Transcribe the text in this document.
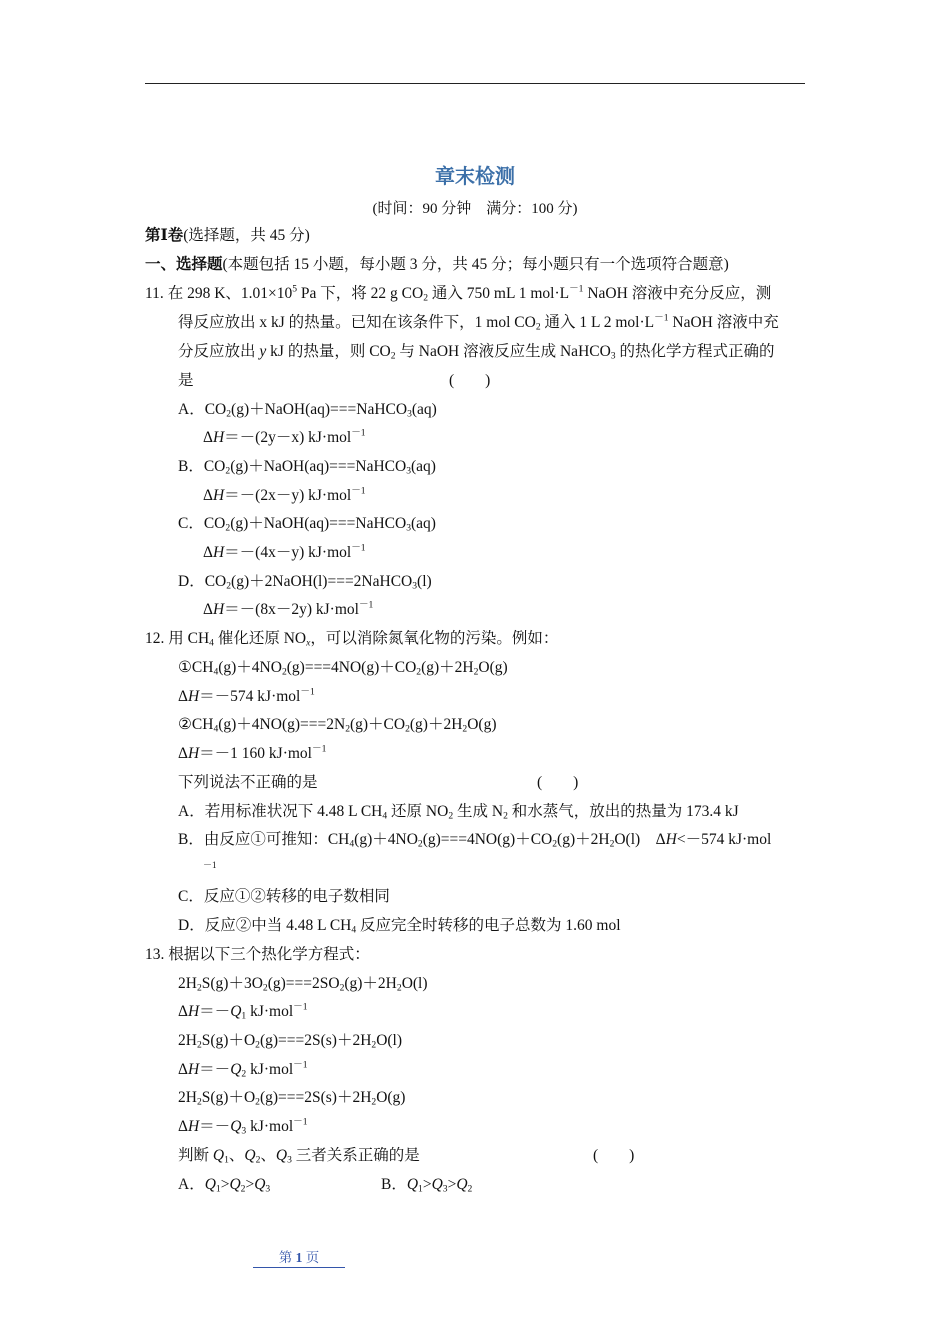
章末检测
(时间：90 分钟　满分：100 分)
第Ⅰ卷(选择题，共 45 分)
一、选择题(本题包括 15 小题，每小题 3 分，共 45 分；每小题只有一个选项符合题意)
11. 在 298 K、$1.01\times 10^5$ Pa 下，将 22 g $CO_2$ 通入 750 mL 1 $mol\cdot L^{-1}$ NaOH 溶液中充分反应，测
得反应放出 x kJ 的热量。已知在该条件下，1 mol $CO_2$ 通入 1 L 2 $mol\cdot L^{-1}$ NaOH 溶液中充
分反应放出 y kJ 的热量，则 $CO_2$ 与 NaOH 溶液反应生成 NaHCO$_3$ 的热化学方程式正确的
是	(　　)
A．$CO_2(g)+NaOH(aq)===NaHCO_3(aq)$
ΔH＝－(2y－x) kJ·mol$^{-1}$
B．$CO_2(g)+NaOH(aq)===NaHCO_3(aq)$
ΔH＝－(2x－y) kJ·mol$^{-1}$
C．$CO_2(g)+NaOH(aq)===NaHCO_3(aq)$
ΔH＝－(4x－y) kJ·mol$^{-1}$
D．$CO_2(g)+2NaOH(l)===2NaHCO_3(l)$
ΔH＝－(8x－2y) kJ·mol$^{-1}$
12. 用 $CH_4$ 催化还原 $NO_x$，可以消除氮氧化物的污染。例如：
$①CH_4(g)+4NO_2(g)===4NO(g)+CO_2(g)+2H_2O(g)$
ΔH＝－574 kJ·mol$^{-1}$
$②CH_4(g)+4NO(g)===2N_2(g)+CO_2(g)+2H_2O(g)$
ΔH＝－1 160 kJ·mol$^{-1}$
下列说法不正确的是	(　　)
A．若用标准状况下 4.48 L $CH_4$ 还原 $NO_2$ 生成 $N_2$ 和水蒸气，放出的热量为 173.4 kJ
B．由反应①可推知：$CH_4(g)+4NO_2(g)===4NO(g)+CO_2(g)+2H_2O(l)$　ΔH<－574 kJ·mol
－1
C．反应①②转移的电子数相同
D．反应②中当 4.48 L $CH_4$ 反应完全时转移的电子总数为 1.60 mol
13. 根据以下三个热化学方程式：
$2H_2S(g)+3O_2(g)===2SO_2(g)+2H_2O(l)$
$\Delta H=-Q_1$ kJ·mol$^{-1}$
$2H_2S(g)+O_2(g)===2S(s)+2H_2O(l)$
$\Delta H=-Q_2$ kJ·mol$^{-1}$
$2H_2S(g)+O_2(g)===2S(s)+2H_2O(g)$
$\Delta H=-Q_3$ kJ·mol$^{-1}$
判断 $Q_1$、$Q_2$、$Q_3$ 三者关系正确的是	(　　)
A．$Q_1>Q_2>Q_3$	B．$Q_1>Q_3>Q_2$
第 1 页
